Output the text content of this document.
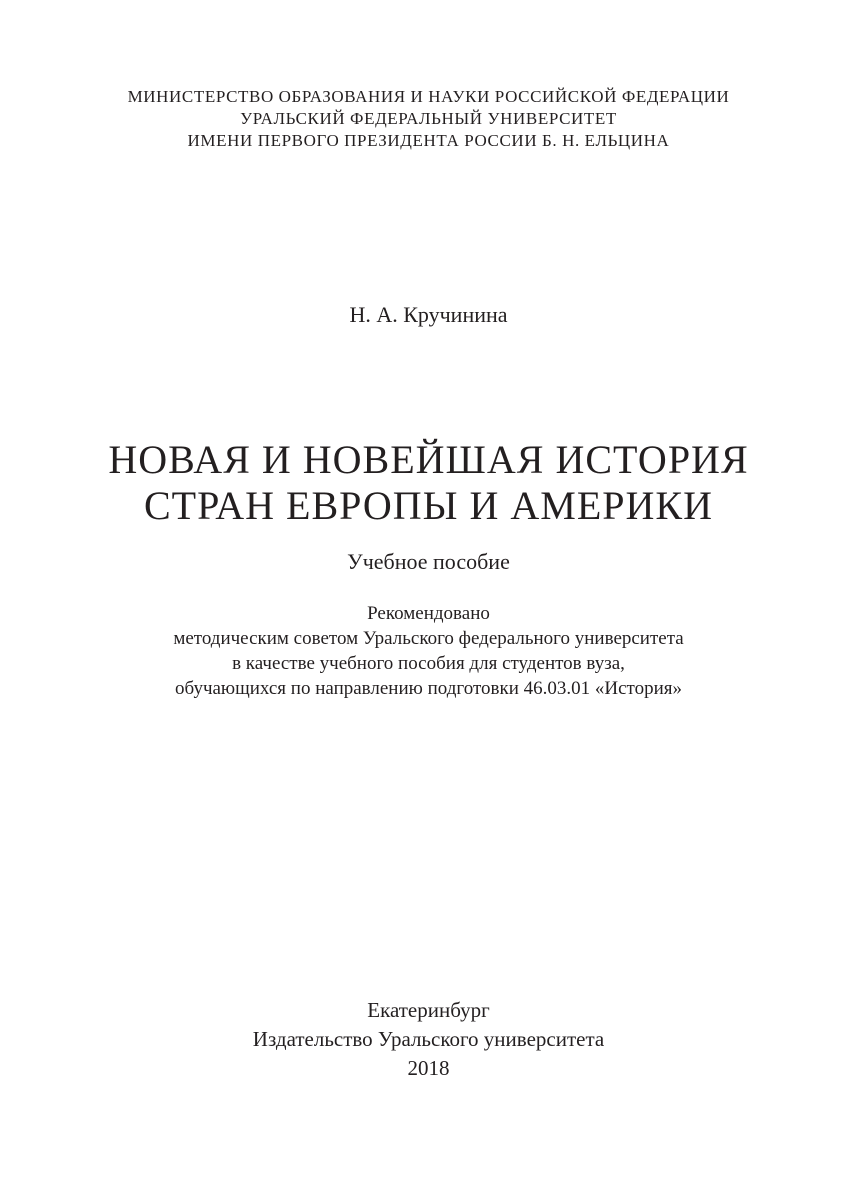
МИНИСТЕРСТВО ОБРАЗОВАНИЯ И НАУКИ РОССИЙСКОЙ ФЕДЕРАЦИИ
УРАЛЬСКИЙ ФЕДЕРАЛЬНЫЙ УНИВЕРСИТЕТ
ИМЕНИ ПЕРВОГО ПРЕЗИДЕНТА РОССИИ Б. Н. ЕЛЬЦИНА
Н. А. Кручинина
НОВАЯ И НОВЕЙШАЯ ИСТОРИЯ
СТРАН ЕВРОПЫ И АМЕРИКИ
Учебное пособие
Рекомендовано
методическим советом Уральского федерального университета
в качестве учебного пособия для студентов вуза,
обучающихся по направлению подготовки 46.03.01 «История»
Екатеринбург
Издательство Уральского университета
2018
